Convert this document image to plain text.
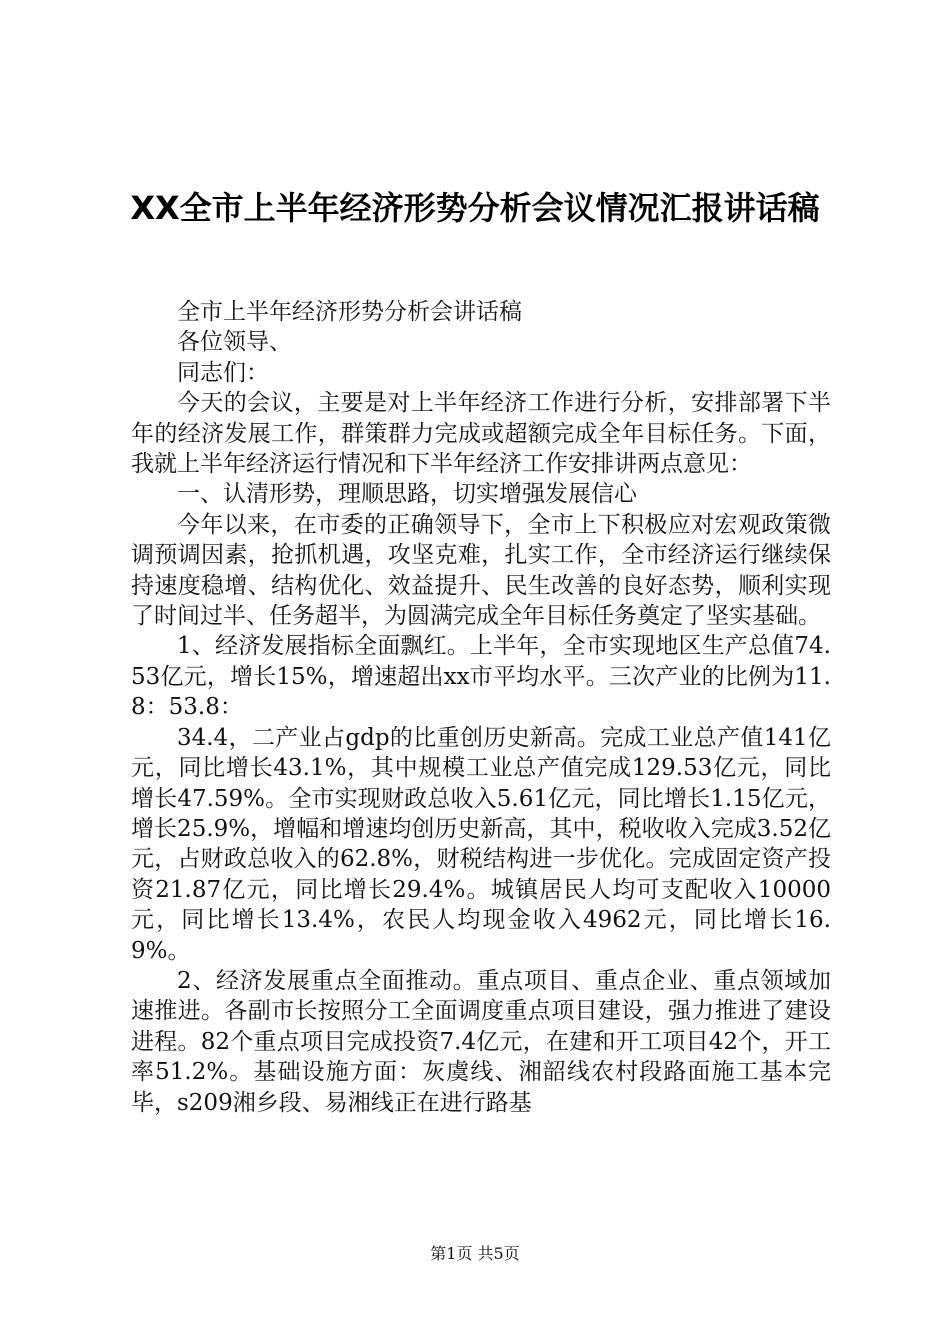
XX全市上半年经济形势分析会议情况汇报讲话稿

全市上半年经济形势分析会讲话稿

各位领导、

同志们：

今天的会议，主要是对上半年经济工作进行分析，安排部署下半年的经济发展工作，群策群力完成或超额完成全年目标任务。下面，我就上半年经济运行情况和下半年经济工作安排讲两点意见：

一、认清形势，理顺思路，切实增强发展信心

今年以来，在市委的正确领导下，全市上下积极应对宏观政策微调预调因素，抢抓机遇，攻坚克难，扎实工作，全市经济运行继续保持速度稳增、结构优化、效益提升、民生改善的良好态势，顺利实现了时间过半、任务超半，为圆满完成全年目标任务奠定了坚实基础。

1、经济发展指标全面飘红。上半年，全市实现地区生产总值74.53亿元，增长15%，增速超出xx市平均水平。三次产业的比例为11.8：53.8：

34.4，二产业占gdp的比重创历史新高。完成工业总产值141亿元，同比增长43.1%，其中规模工业总产值完成129.53亿元，同比增长47.59%。全市实现财政总收入5.61亿元，同比增长1.15亿元，增长25.9%，增幅和增速均创历史新高，其中，税收收入完成3.52亿元，占财政总收入的62.8%，财税结构进一步优化。完成固定资产投资21.87亿元，同比增长29.4%。城镇居民人均可支配收入10000元，同比增长13.4%，农民人均现金收入4962元，同比增长16.9%。

2、经济发展重点全面推动。重点项目、重点企业、重点领域加速推进。各副市长按照分工全面调度重点项目建设，强力推进了建设进程。82个重点项目完成投资7.4亿元，在建和开工项目42个，开工率51.2%。基础设施方面：灰虞线、湘韶线农村段路面施工基本完毕，s209湘乡段、易湘线正在进行路基

第1页 共5页
